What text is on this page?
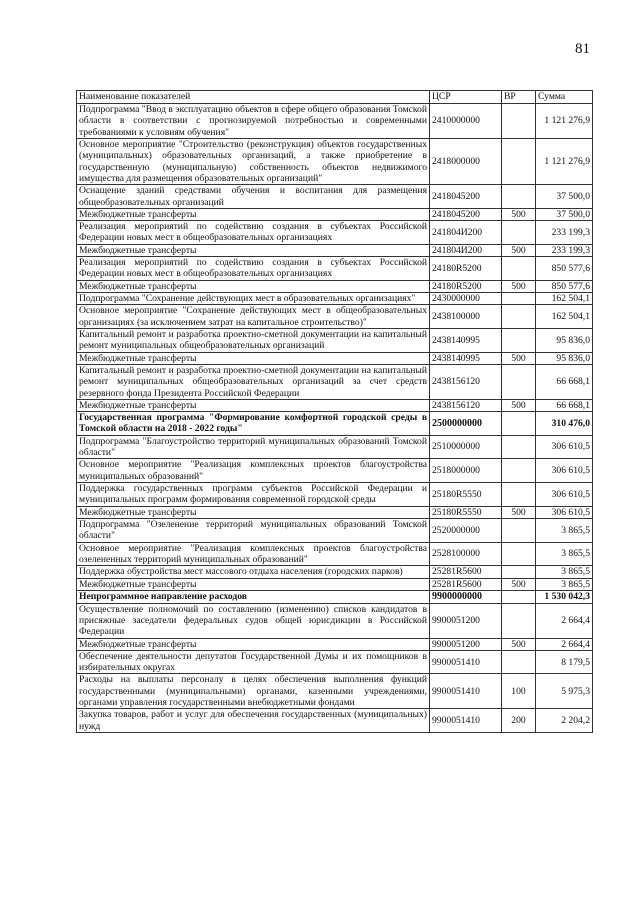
81
Наименование показателей	ЦСР	ВР	Сумма
Подпрограмма "Ввод в эксплуатацию объектов в сфере общего образования Томской области в соответствии с прогнозируемой потребностью и современными требованиями к условиям обучения"	2410000000		1 121 276,9
Основное мероприятие "Строительство (реконструкция) объектов государственных (муниципальных) образовательных организаций, а также приобретение в государственную (муниципальную) собственность объектов недвижимого имущества для размещения образовательных организаций"	2418000000		1 121 276,9
Оснащение зданий средствами обучения и воспитания для размещения общеобразовательных организаций	2418045200		37 500,0
Межбюджетные трансферты	2418045200	500	37 500,0
Реализация мероприятий по содействию создания в субъектах Российской Федерации новых мест в общеобразовательных организациях	241804И200		233 199,3
Межбюджетные трансферты	241804И200	500	233 199,3
Реализация мероприятий по содействию создания в субъектах Российской Федерации новых мест в общеобразовательных организациях	24180R5200		850 577,6
Межбюджетные трансферты	24180R5200	500	850 577,6
Подпрограмма "Сохранение действующих мест в образовательных организациях"	2430000000		162 504,1
Основное мероприятие "Сохранение действующих мест в общеобразовательных организациях (за исключением затрат на капитальное строительство)"	2438100000		162 504,1
Капитальный ремонт и разработка проектно-сметной документации на капитальный ремонт муниципальных общеобразовательных организаций	2438140995		95 836,0
Межбюджетные трансферты	2438140995	500	95 836,0
Капитальный ремонт и разработка проектно-сметной документации на капитальный ремонт муниципальных общеобразовательных организаций за счет средств резервного фонда Президента Российской Федерации	2438156120		66 668,1
Межбюджетные трансферты	2438156120	500	66 668,1
Государственная программа "Формирование комфортной городской среды в Томской области на 2018 - 2022 годы"	2500000000		310 476,0
Подпрограмма "Благоустройство территорий муниципальных образований Томской области"	2510000000		306 610,5
Основное мероприятие "Реализация комплексных проектов благоустройства муниципальных образований"	2518000000		306 610,5
Поддержка государственных программ субъектов Российской Федерации и муниципальных программ формирования современной городской среды	25180R5550		306 610,5
Межбюджетные трансферты	25180R5550	500	306 610,5
Подпрограмма "Озеленение территорий муниципальных образований Томской области"	2520000000		3 865,5
Основное мероприятие "Реализация комплексных проектов благоустройства озелененных территорий муниципальных образований"	2528100000		3 865,5
Поддержка обустройства мест массового отдыха населения (городских парков)	25281R5600		3 865,5
Межбюджетные трансферты	25281R5600	500	3 865,5
Непрограммное направление расходов	9900000000		1 530 042,3
Осуществление полномочий по составлению (изменению) списков кандидатов в присяжные заседатели федеральных судов общей юрисдикции в Российской Федерации	9900051200		2 664,4
Межбюджетные трансферты	9900051200	500	2 664,4
Обеспечение деятельности депутатов Государственной Думы и их помощников в избирательных округах	9900051410		8 179,5
Расходы на выплаты персоналу в целях обеспечения выполнения функций государственными (муниципальными) органами, казенными учреждениями, органами управления государственными внебюджетными фондами	9900051410	100	5 975,3
Закупка товаров, работ и услуг для обеспечения государственных (муниципальных) нужд	9900051410	200	2 204,2
